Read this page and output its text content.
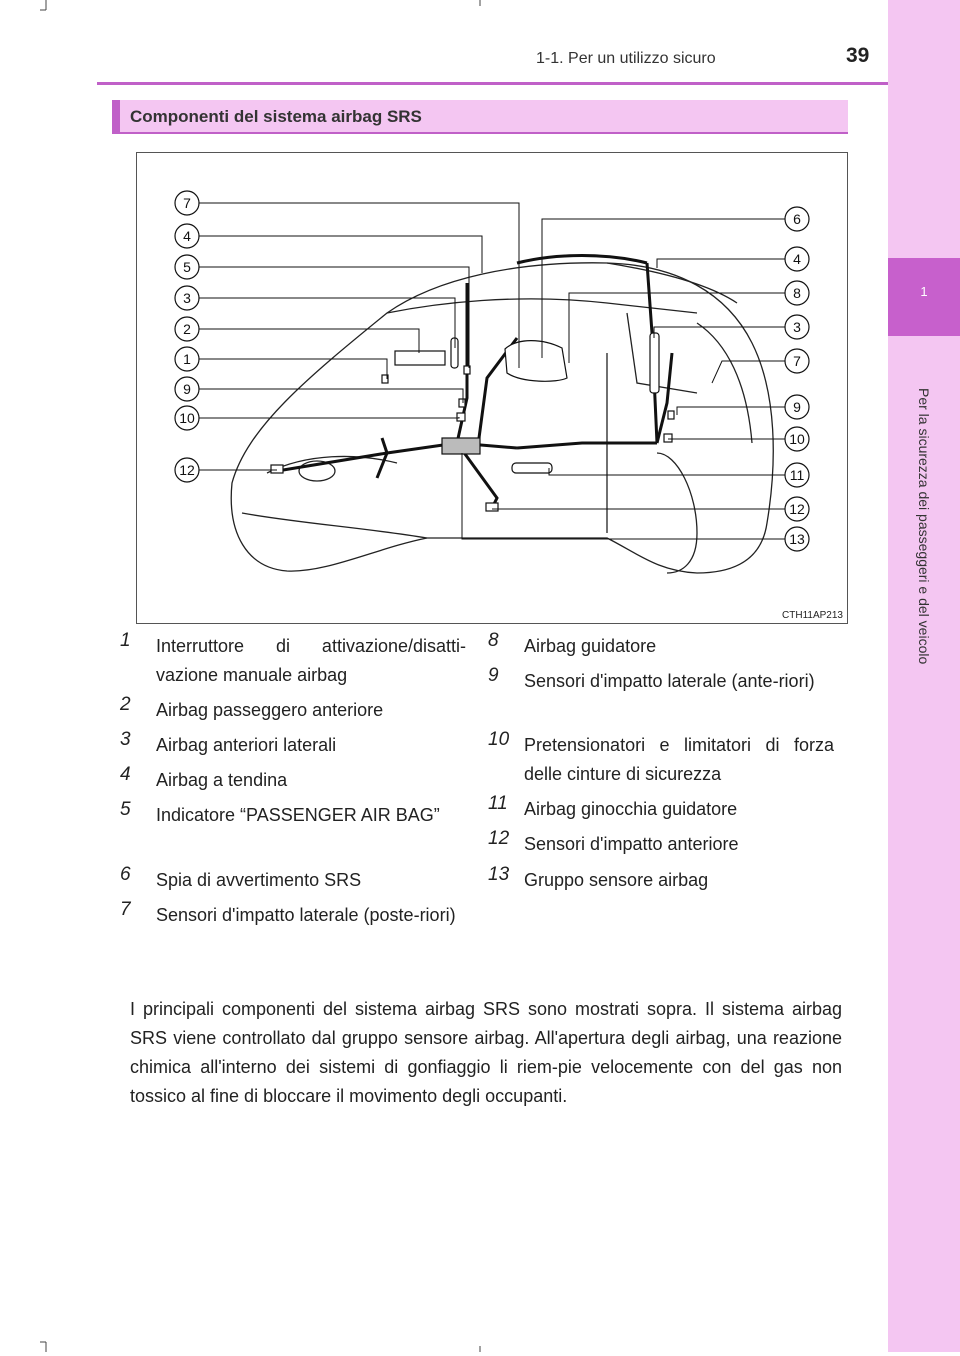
1-1. Per un utilizzo sicuro	39
1
Per la sicurezza dei passeggeri e del veicolo
Componenti del sistema airbag SRS
7
4
5
3
2
1
9
10
12
6
4
8
3
7
9
10
11
12
13
CTH11AP213
1 Interruttore di attivazione/disatti-vazione manuale airbag
2 Airbag passeggero anteriore
3 Airbag anteriori laterali
4 Airbag a tendina
5 Indicatore “PASSENGER AIR BAG”
6 Spia di avvertimento SRS
7 Sensori d'impatto laterale (poste-riori)
8 Airbag guidatore
9 Sensori d'impatto laterale (ante-riori)
10 Pretensionatori e limitatori di forza delle cinture di sicurezza
11 Airbag ginocchia guidatore
12 Sensori d'impatto anteriore
13 Gruppo sensore airbag
I principali componenti del sistema airbag SRS sono mostrati sopra. Il sistema airbag SRS viene controllato dal gruppo sensore airbag. All'apertura degli airbag, una reazione chimica all'interno dei sistemi di gonfiaggio li riem-pie velocemente con del gas non tossico al fine di bloccare il movimento degli occupanti.
